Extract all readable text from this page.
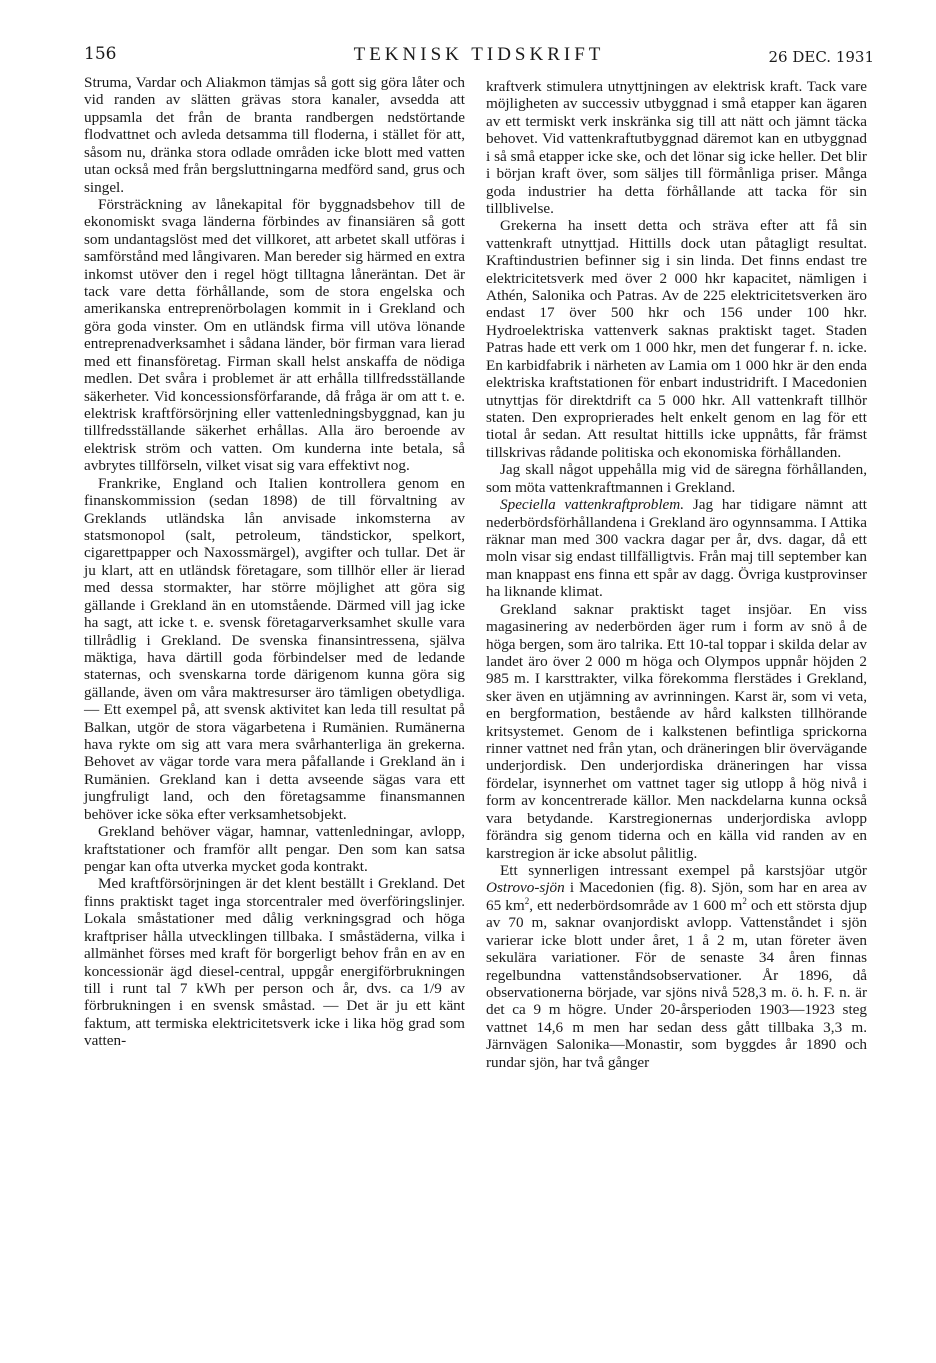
156	TEKNISK TIDSKRIFT	26 DEC. 1931

Struma, Vardar och Aliakmon tämjas så gott sig göra låter och vid randen av slätten grävas stora kanaler, avsedda att uppsamla det från de branta randbergen nedstörtande flodvattnet och avleda detsamma till floderna, i stället för att, såsom nu, dränka stora odlade områden icke blott med vatten utan också med från bergsluttningarna medförd sand, grus och singel.

Försträckning av lånekapital för byggnadsbehov till de ekonomiskt svaga länderna förbindes av finansiären så gott som undantagslöst med det villkoret, att arbetet skall utföras i samförstånd med långivaren. Man bereder sig härmed en extra inkomst utöver den i regel högt tilltagna låneräntan. Det är tack vare detta förhållande, som de stora engelska och amerikanska entreprenörbolagen kommit in i Grekland och göra goda vinster. Om en utländsk firma vill utöva lönande entreprenadverksamhet i sådana länder, bör firman vara lierad med ett finansföretag. Firman skall helst anskaffa de nödiga medlen. Det svåra i problemet är att erhålla tillfredsställande säkerheter. Vid koncessionsförfarande, då fråga är om att t. e. elektrisk kraftförsörjning eller vattenledningsbyggnad, kan ju tillfredsställande säkerhet erhållas. Alla äro beroende av elektrisk ström och vatten. Om kunderna inte betala, så avbrytes tillförseln, vilket visat sig vara effektivt nog.

Frankrike, England och Italien kontrollera genom en finanskommission (sedan 1898) de till förvaltning av Greklands utländska lån anvisade inkomsterna av statsmonopol (salt, petroleum, tändstickor, spelkort, cigarettpapper och Naxossmärgel), avgifter och tullar. Det är ju klart, att en utländsk företagare, som tillhör eller är lierad med dessa stormakter, har större möjlighet att göra sig gällande i Grekland än en utomstående. Därmed vill jag icke ha sagt, att icke t. e. svensk företagarverksamhet skulle vara tillrådlig i Grekland. De svenska finansintressena, själva mäktiga, hava därtill goda förbindelser med de ledande staternas, och svenskarna torde därigenom kunna göra sig gällande, även om våra maktresurser äro tämligen obetydliga. — Ett exempel på, att svensk aktivitet kan leda till resultat på Balkan, utgör de stora vägarbetena i Rumänien. Rumänerna hava rykte om sig att vara mera svårhanterliga än grekerna. Behovet av vägar torde vara mera påfallande i Grekland än i Rumänien. Grekland kan i detta avseende sägas vara ett jungfruligt land, och den företagsamme finansmannen behöver icke söka efter verksamhetsobjekt.

Grekland behöver vägar, hamnar, vattenledningar, avlopp, kraftstationer och framför allt pengar. Den som kan satsa pengar kan ofta utverka mycket goda kontrakt.

Med kraftförsörjningen är det klent beställt i Grekland. Det finns praktiskt taget inga storcentraler med överföringslinjer. Lokala småstationer med dålig verkningsgrad och höga kraftpriser hålla utvecklingen tillbaka. I småstäderna, vilka i allmänhet förses med kraft för borgerligt behov från en av en koncessionär ägd diesel-central, uppgår energiförbrukningen till i runt tal 7 kWh per person och år, dvs. ca 1/9 av förbrukningen i en svensk småstad. — Det är ju ett känt faktum, att termiska elektricitetsverk icke i lika hög grad som vatten-

kraftverk stimulera utnyttjningen av elektrisk kraft. Tack vare möjligheten av successiv utbyggnad i små etapper kan ägaren av ett termiskt verk inskränka sig till att nätt och jämnt täcka behovet. Vid vattenkraftutbyggnad däremot kan en utbyggnad i så små etapper icke ske, och det lönar sig icke heller. Det blir i början kraft över, som säljes till förmånliga priser. Många goda industrier ha detta förhållande att tacka för sin tillblivelse.

Grekerna ha insett detta och sträva efter att få sin vattenkraft utnyttjad. Hittills dock utan påtagligt resultat. Kraftindustrien befinner sig i sin linda. Det finns endast tre elektricitetsverk med över 2 000 hkr kapacitet, nämligen i Athén, Salonika och Patras. Av de 225 elektricitetsverken äro endast 17 över 500 hkr och 156 under 100 hkr. Hydroelektriska vattenverk saknas praktiskt taget. Staden Patras hade ett verk om 1 000 hkr, men det fungerar f. n. icke. En karbidfabrik i närheten av Lamia om 1 000 hkr är den enda elektriska kraftstationen för enbart industridrift. I Macedonien utnyttjas för direktdrift ca 5 000 hkr. All vattenkraft tillhör staten. Den exproprierades helt enkelt genom en lag för ett tiotal år sedan. Att resultat hittills icke uppnåtts, får främst tillskrivas rådande politiska och ekonomiska förhållanden.

Jag skall något uppehålla mig vid de säregna förhållanden, som möta vattenkraftmannen i Grekland.

Speciella vattenkraftproblem. Jag har tidigare nämnt att nederbördsförhållandena i Grekland äro ogynnsamma. I Attika räknar man med 300 vackra dagar per år, dvs. dagar, då ett moln visar sig endast tillfälligtvis. Från maj till september kan man knappast ens finna ett spår av dagg. Övriga kustprovinser ha liknande klimat.

Grekland saknar praktiskt taget insjöar. En viss magasinering av nederbörden äger rum i form av snö å de höga bergen, som äro talrika. Ett 10-tal toppar i skilda delar av landet äro över 2 000 m höga och Olympos uppnår höjden 2 985 m. I karsttrakter, vilka förekomma flerstädes i Grekland, sker även en utjämning av avrinningen. Karst är, som vi veta, en bergformation, bestående av hård kalksten tillhörande kritsystemet. Genom de i kalkstenen befintliga sprickorna rinner vattnet ned från ytan, och dräneringen blir övervägande underjordisk. Den underjordiska dräneringen har vissa fördelar, isynnerhet om vattnet tager sig utlopp å hög nivå i form av koncentrerade källor. Men nackdelarna kunna också vara betydande. Karstregionernas underjordiska avlopp förändra sig genom tiderna och en källa vid randen av en karstregion är icke absolut pålitlig.

Ett synnerligen intressant exempel på karstsjöar utgör Ostrovo-sjön i Macedonien (fig. 8). Sjön, som har en area av 65 $km^2$, ett nederbördsområde av 1 600 $m^2$ och ett största djup av 70 m, saknar ovanjordiskt avlopp. Vattenståndet i sjön varierar icke blott under året, 1 å 2 m, utan företer även sekulära variationer. För de senaste 34 åren finnas regelbundna vattenståndsobservationer. År 1896, då observationerna började, var sjöns nivå 528,3 m. ö. h. F. n. är det ca 9 m högre. Under 20-årsperioden 1903—1923 steg vattnet 14,6 m men har sedan dess gått tillbaka 3,3 m. Järnvägen Salonika—Monastir, som byggdes år 1890 och rundar sjön, har två gånger
